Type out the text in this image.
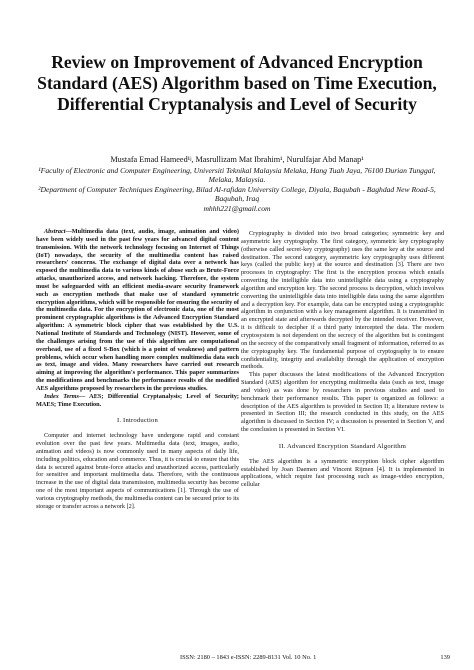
Review on Improvement of Advanced Encryption Standard (AES) Algorithm based on Time Execution, Differential Cryptanalysis and Level of Security
Mustafa Emad Hameed¹ʲ, Masrullizam Mat Ibrahim¹, Nurulfajar Abd Manap¹
¹Faculty of Electronic and Computer Engineering, Universiti Teknikal Malaysia Melaka, Hang Tuah Jaya, 76100 Durian Tunggal, Melaka, Malaysia.
²Department of Computer Techniques Engineering, Bilad Al-rafidan University College, Diyala, Baqubah - Baghdad New Road-5, Baqubah, Iraq
mhhh221@gmail.com

Abstract—Multimedia data (text, audio, image, animation and video) have been widely used in the past few years for advanced digital content transmission. With the network technology focusing on Internet of Things (IoT) nowadays, the security of the multimedia content has raised researchers' concerns. The exchange of digital data over a network has exposed the multimedia data to various kinds of abuse such as Brute-Force attacks, unauthorized access, and network hacking. Therefore, the system must be safeguarded with an efficient media-aware security framework such as encryption methods that make use of standard symmetric encryption algorithms, which will be responsible for ensuring the security of the multimedia data. For the encryption of electronic data, one of the most prominent cryptographic algorithms is the Advanced Encryption Standard algorithm: A symmetric block cipher that was established by the U.S. National Institute of Standards and Technology (NIST). However, some of the challenges arising from the use of this algorithm are computational overhead, use of a fixed S-Box (which is a point of weakness) and pattern problems, which occur when handling more complex multimedia data such as text, image and video. Many researchers have carried out research aiming at improving the algorithm's performance. This paper summarizes the modifications and benchmarks the performance results of the modified AES algorithms proposed by researchers in the previous studies.

Index Terms— AES; Differential Cryptanalysis; Level of Security; MAES; Time Execution.

I. Introduction

Computer and internet technology have undergone rapid and constant evolution over the past few years. Multimedia data (text, images, audio, animation and videos) is now commonly used in many aspects of daily life, including politics, education and commerce. Thus, it is crucial to ensure that this data is secured against brute-force attacks and unauthorized access, particularly for sensitive and important multimedia data. Therefore, with the continuous increase in the use of digital data transmission, multimedia security has become one of the most important aspects of communications [1]. Through the use of various cryptography methods, the multimedia content can be secured prior to its storage or transfer across a network [2].

Cryptography is divided into two broad categories; symmetric key and asymmetric key cryptography. The first category, symmetric key cryptography (otherwise called secret-key cryptography) uses the same key at the source and destination. The second category, asymmetric key cryptography uses different keys (called the public key) at the source and destination [3]. There are two processes in cryptography: The first is the encryption process which entails converting the intelligible data into unintelligible data using a cryptography algorithm and encryption key. The second process is decryption, which involves converting the unintelligible data into intelligible data using the same algorithm and a decryption key. For example, data can be encrypted using a cryptographic algorithm in conjunction with a key management algorithm. It is transmitted in an encrypted state and afterwards decrypted by the intended receiver. However, it is difficult to decipher if a third party intercepted the data. The modern cryptosystem is not dependent on the secrecy of the algorithm but is contingent on the secrecy of the comparatively small fragment of information, referred to as the cryptography key. The fundamental purpose of cryptography is to ensure confidentiality, integrity and availability through the application of encryption methods.

This paper discusses the latest modifications of the Advanced Encryption Standard (AES) algorithm for encrypting multimedia data (such as text, image and video) as was done by researchers in previous studies and used to benchmark their performance results. This paper is organized as follows: a description of the AES algorithm is provided in Section II; a literature review is presented in Section III; the research conducted in this study, on the AES algorithm is discussed in Section IV; a discussion is presented in Section V, and the conclusion is presented in Section VI.

II. Advanced Encryption Standard Algorithm

The AES algorithm is a symmetric encryption block cipher algorithm established by Joan Daemen and Vincent Rijmen [4]. It is implemented in applications, which require fast processing such as image-video encryption, cellular

ISSN: 2180 – 1843 e-ISSN: 2289-8131 Vol. 10 No. 1	139
